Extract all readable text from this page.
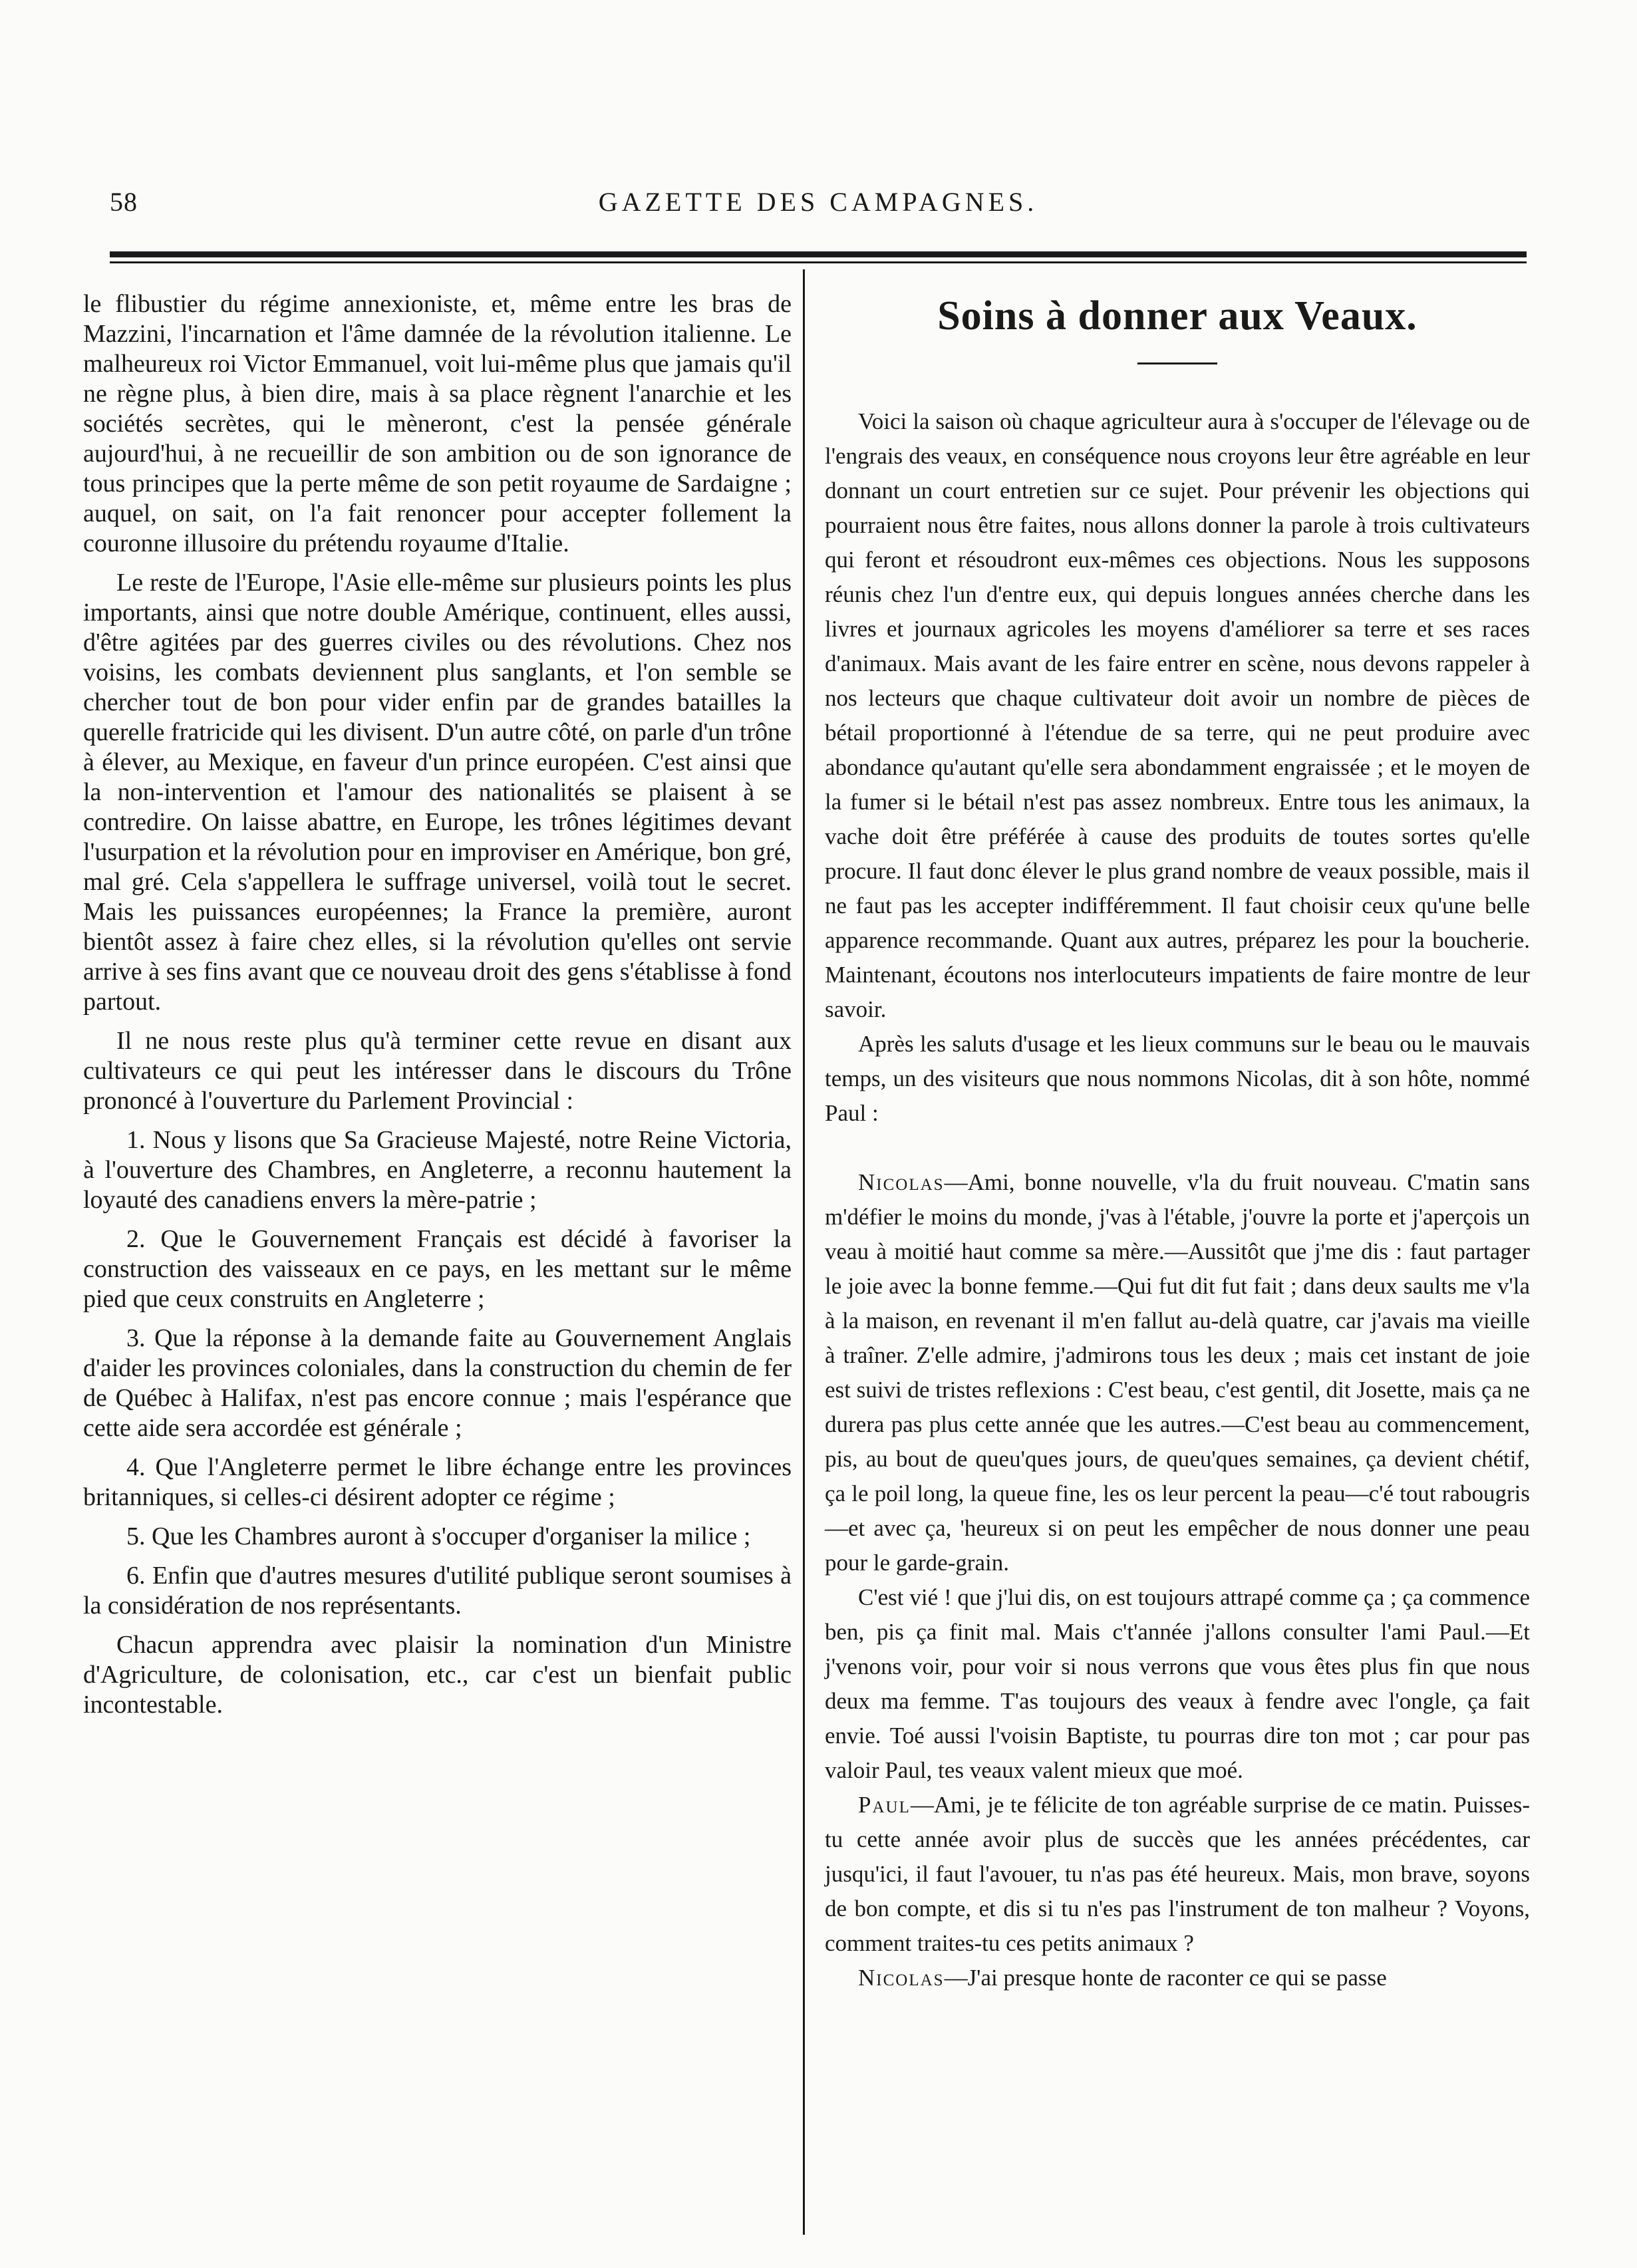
58	GAZETTE DES CAMPAGNES.

le flibustier du régime annexioniste, et, même entre les bras de Mazzini, l'incarnation et l'âme damnée de la révolution italienne. Le malheureux roi Victor Emmanuel, voit lui-même plus que jamais qu'il ne règne plus, à bien dire, mais à sa place règnent l'anarchie et les sociétés secrètes, qui le mèneront, c'est la pensée générale aujourd'hui, à ne recueillir de son ambition ou de son ignorance de tous principes que la perte même de son petit royaume de Sardaigne ; auquel, on sait, on l'a fait renoncer pour accepter follement la couronne illusoire du prétendu royaume d'Italie.

Le reste de l'Europe, l'Asie elle-même sur plusieurs points les plus importants, ainsi que notre double Amérique, continuent, elles aussi, d'être agitées par des guerres civiles ou des révolutions. Chez nos voisins, les combats deviennent plus sanglants, et l'on semble se chercher tout de bon pour vider enfin par de grandes batailles la querelle fratricide qui les divisent. D'un autre côté, on parle d'un trône à élever, au Mexique, en faveur d'un prince européen. C'est ainsi que la non-intervention et l'amour des nationalités se plaisent à se contredire. On laisse abattre, en Europe, les trônes légitimes devant l'usurpation et la révolution pour en improviser en Amérique, bon gré, mal gré. Cela s'appellera le suffrage universel, voilà tout le secret. Mais les puissances européennes; la France la première, auront bientôt assez à faire chez elles, si la révolution qu'elles ont servie arrive à ses fins avant que ce nouveau droit des gens s'établisse à fond partout.

Il ne nous reste plus qu'à terminer cette revue en disant aux cultivateurs ce qui peut les intéresser dans le discours du Trône prononcé à l'ouverture du Parlement Provincial :

1. Nous y lisons que Sa Gracieuse Majesté, notre Reine Victoria, à l'ouverture des Chambres, en Angleterre, a reconnu hautement la loyauté des canadiens envers la mère-patrie ;

2. Que le Gouvernement Français est décidé à favoriser la construction des vaisseaux en ce pays, en les mettant sur le même pied que ceux construits en Angleterre ;

3. Que la réponse à la demande faite au Gouvernement Anglais d'aider les provinces coloniales, dans la construction du chemin de fer de Québec à Halifax, n'est pas encore connue ; mais l'espérance que cette aide sera accordée est générale ;

4. Que l'Angleterre permet le libre échange entre les provinces britanniques, si celles-ci désirent adopter ce régime ;

5. Que les Chambres auront à s'occuper d'organiser la milice ;

6. Enfin que d'autres mesures d'utilité publique seront soumises à la considération de nos représentants.

Chacun apprendra avec plaisir la nomination d'un Ministre d'Agriculture, de colonisation, etc., car c'est un bienfait public incontestable.

Soins à donner aux Veaux.

Voici la saison où chaque agriculteur aura à s'occuper de l'élevage ou de l'engrais des veaux, en conséquence nous croyons leur être agréable en leur donnant un court entretien sur ce sujet. Pour prévenir les objections qui pourraient nous être faites, nous allons donner la parole à trois cultivateurs qui feront et résoudront eux-mêmes ces objections. Nous les supposons réunis chez l'un d'entre eux, qui depuis longues années cherche dans les livres et journaux agricoles les moyens d'améliorer sa terre et ses races d'animaux. Mais avant de les faire entrer en scène, nous devons rappeler à nos lecteurs que chaque cultivateur doit avoir un nombre de pièces de bétail proportionné à l'étendue de sa terre, qui ne peut produire avec abondance qu'autant qu'elle sera abondamment engraissée ; et le moyen de la fumer si le bétail n'est pas assez nombreux. Entre tous les animaux, la vache doit être préférée à cause des produits de toutes sortes qu'elle procure. Il faut donc élever le plus grand nombre de veaux possible, mais il ne faut pas les accepter indifféremment. Il faut choisir ceux qu'une belle apparence recommande. Quant aux autres, préparez les pour la boucherie. Maintenant, écoutons nos interlocuteurs impatients de faire montre de leur savoir.

Après les saluts d'usage et les lieux communs sur le beau ou le mauvais temps, un des visiteurs que nous nommons Nicolas, dit à son hôte, nommé Paul :

Nicolas—Ami, bonne nouvelle, v'la du fruit nouveau. C'matin sans m'défier le moins du monde, j'vas à l'étable, j'ouvre la porte et j'aperçois un veau à moitié haut comme sa mère.—Aussitôt que j'me dis : faut partager le joie avec la bonne femme.—Qui fut dit fut fait ; dans deux saults me v'la à la maison, en revenant il m'en fallut au-delà quatre, car j'avais ma vieille à traîner. Z'elle admire, j'admirons tous les deux ; mais cet instant de joie est suivi de tristes reflexions : C'est beau, c'est gentil, dit Josette, mais ça ne durera pas plus cette année que les autres.—C'est beau au commencement, pis, au bout de queu'ques jours, de queu'ques semaines, ça devient chétif, ça le poil long, la queue fine, les os leur percent la peau—c'é tout rabougris—et avec ça, 'heureux si on peut les empêcher de nous donner une peau pour le garde-grain.

C'est vié ! que j'lui dis, on est toujours attrapé comme ça ; ça commence ben, pis ça finit mal. Mais c't'année j'allons consulter l'ami Paul.—Et j'venons voir, pour voir si nous verrons que vous êtes plus fin que nous deux ma femme. T'as toujours des veaux à fendre avec l'ongle, ça fait envie. Toé aussi l'voisin Baptiste, tu pourras dire ton mot ; car pour pas valoir Paul, tes veaux valent mieux que moé.

Paul—Ami, je te félicite de ton agréable surprise de ce matin. Puisses-tu cette année avoir plus de succès que les années précédentes, car jusqu'ici, il faut l'avouer, tu n'as pas été heureux. Mais, mon brave, soyons de bon compte, et dis si tu n'es pas l'instrument de ton malheur ? Voyons, comment traites-tu ces petits animaux ?

Nicolas—J'ai presque honte de raconter ce qui se passe
